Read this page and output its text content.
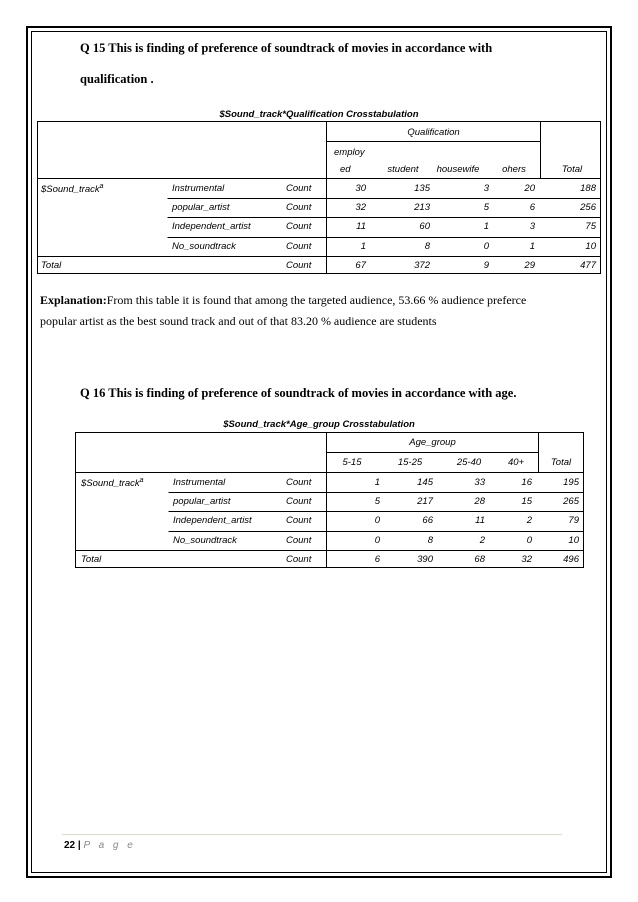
Q 15 This is finding of preference of soundtrack of movies in accordance with
qualification .
$Sound_track*Qualification Crosstabulation
Qualification
employ
ed	student	housewife	ohers	Total
$Sound_track$^a$	Instrumental	Count	30	135	3	20	188
popular_artist	Count	32	213	5	6	256
Independent_artist	Count	11	60	1	3	75
No_soundtrack	Count	1	8	0	1	10
Total	Count	67	372	9	29	477
Explanation:From this table it is found that among the targeted audience, 53.66 % audience preferce
popular artist as the best sound track and out of that 83.20 % audience are students
Q 16 This is finding of preference of soundtrack of movies in accordance with age.
$Sound_track*Age_group Crosstabulation
Age_group
5-15	15-25	25-40	40+	Total
$Sound_track$^a$	Instrumental	Count	1	145	33	16	195
popular_artist	Count	5	217	28	15	265
Independent_artist	Count	0	66	11	2	79
No_soundtrack	Count	0	8	2	0	10
Total	Count	6	390	68	32	496
22 | P a g e
